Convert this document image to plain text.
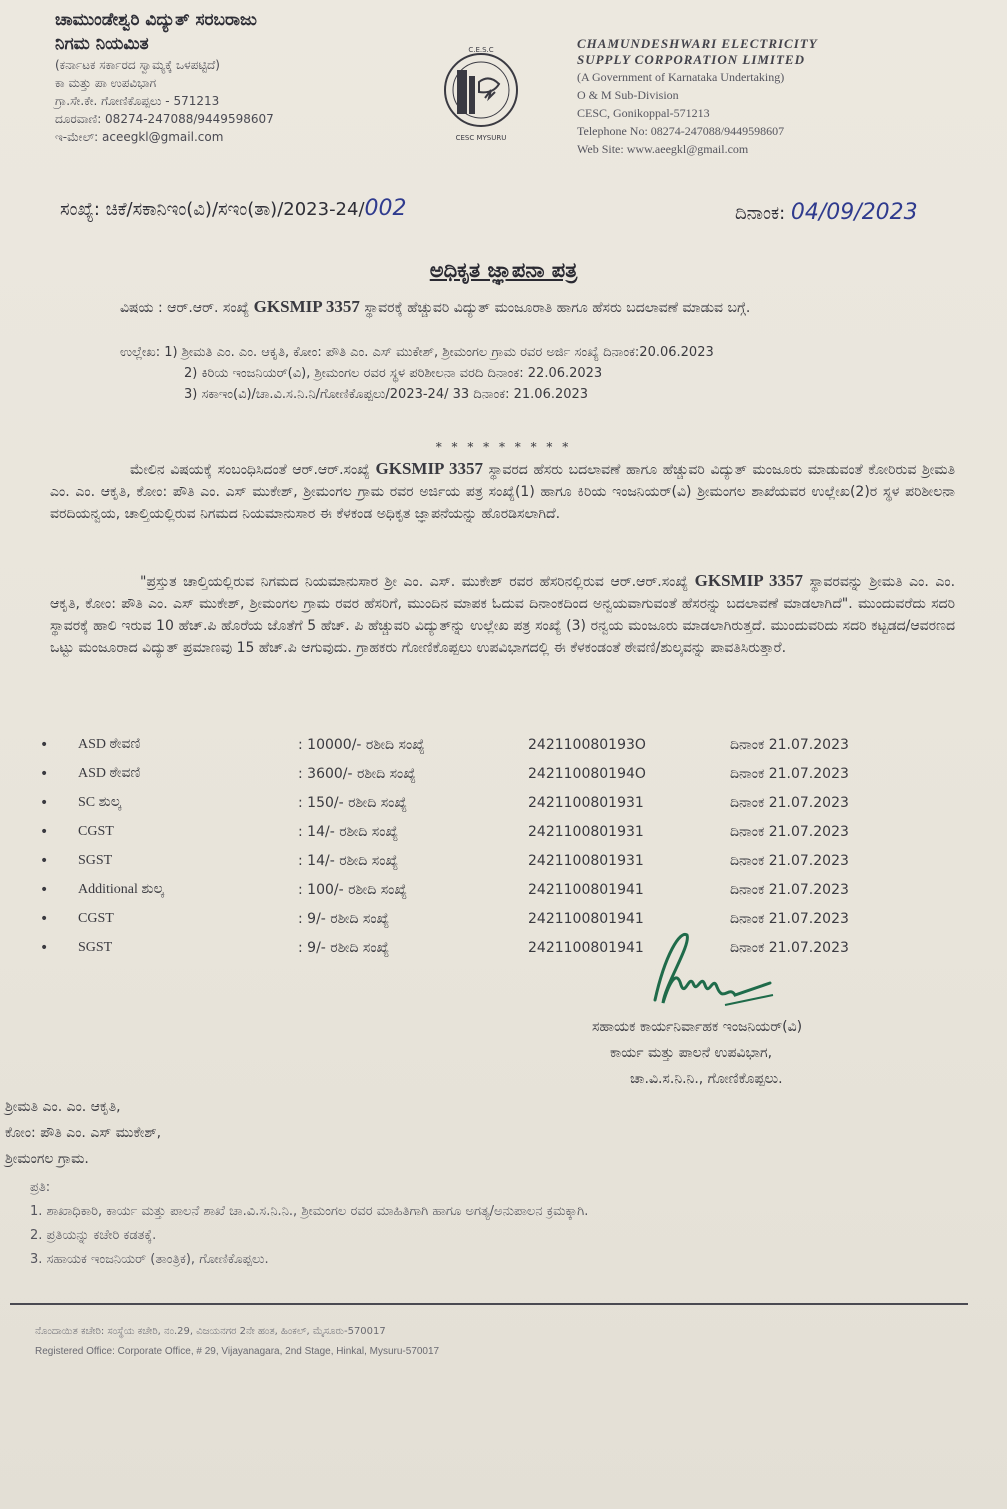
ಚಾಮುಂಡೇಶ್ವರಿ ವಿದ್ಯುತ್ ಸರಬರಾಜು
ನಿಗಮ ನಿಯಮಿತ
(ಕರ್ನಾಟಕ ಸರ್ಕಾರದ ಸ್ವಾಮ್ಯಕ್ಕೆ ಒಳಪಟ್ಟಿದೆ)
ಕಾ ಮತ್ತು ಪಾ ಉಪವಿಭಾಗ
ಗ್ರಾ.ಸೇ.ಕೇ. ಗೋಣಿಕೊಪ್ಪಲು - 571213
ದೂರವಾಣಿ: 08274-247088/9449598607
ಇ-ಮೇಲ್: aceegkl@gmail.com
C.E.S.C
CESC MYSURU
CHAMUNDESHWARI ELECTRICITY
SUPPLY CORPORATION LIMITED
(A Government of Karnataka Undertaking)
O & M Sub-Division
CESC, Gonikoppal-571213
Telephone No: 08274-247088/9449598607
Web Site: www.aeegkl@gmail.com
ಸಂಖ್ಯೆ: ಚಿಕೆ/ಸಕಾನಿಇಂ(ವಿ)/ಸಇಂ(ತಾ)/2023-24/002	ದಿನಾಂಕ: 04/09/2023
ಅಧಿಕೃತ ಜ್ಞಾಪನಾ ಪತ್ರ
ವಿಷಯ : ಆರ್.ಆರ್. ಸಂಖ್ಯೆ GKSMIP 3357 ಸ್ಥಾವರಕ್ಕೆ ಹೆಚ್ಚುವರಿ ವಿದ್ಯುತ್ ಮಂಜೂರಾತಿ ಹಾಗೂ ಹೆಸರು ಬದಲಾವಣೆ ಮಾಡುವ ಬಗ್ಗೆ.
ಉಲ್ಲೇಖ: 1) ಶ್ರೀಮತಿ ಎಂ. ಎಂ. ಆಕೃತಿ, ಕೋಂ: ಪೌತಿ ಎಂ. ಎಸ್ ಮುಕೇಶ್, ಶ್ರೀಮಂಗಲ ಗ್ರಾಮ ರವರ ಅರ್ಜಿ ಸಂಖ್ಯೆ ದಿನಾಂಕ:20.06.2023
2) ಕಿರಿಯ ಇಂಜನಿಯರ್(ವಿ), ಶ್ರೀಮಂಗಲ ರವರ ಸ್ಥಳ ಪರಿಶೀಲನಾ ವರದಿ ದಿನಾಂಕ: 22.06.2023
3) ಸಕಾಇಂ(ವಿ)/ಚಾ.ವಿ.ಸ.ನಿ.ನಿ/ಗೋಣಿಕೊಪ್ಪಲು/2023-24/ 33 ದಿನಾಂಕ: 21.06.2023
* * * * * * * * *
ಮೇಲಿನ ವಿಷಯಕ್ಕೆ ಸಂಬಂಧಿಸಿದಂತೆ ಆರ್.ಆರ್.ಸಂಖ್ಯೆ GKSMIP 3357 ಸ್ಥಾವರದ ಹೆಸರು ಬದಲಾವಣೆ ಹಾಗೂ ಹೆಚ್ಚುವರಿ ವಿದ್ಯುತ್ ಮಂಜೂರು ಮಾಡುವಂತೆ ಕೋರಿರುವ ಶ್ರೀಮತಿ ಎಂ. ಎಂ. ಆಕೃತಿ, ಕೋಂ: ಪೌತಿ ಎಂ. ಎಸ್ ಮುಕೇಶ್, ಶ್ರೀಮಂಗಲ ಗ್ರಾಮ ರವರ ಅರ್ಜಿಯ ಪತ್ರ ಸಂಖ್ಯೆ(1) ಹಾಗೂ ಕಿರಿಯ ಇಂಜನಿಯರ್(ವಿ) ಶ್ರೀಮಂಗಲ ಶಾಖೆಯವರ ಉಲ್ಲೇಖ(2)ರ ಸ್ಥಳ ಪರಿಶೀಲನಾ ವರದಿಯನ್ವಯ, ಚಾಲ್ತಿಯಲ್ಲಿರುವ ನಿಗಮದ ನಿಯಮಾನುಸಾರ ಈ ಕೆಳಕಂಡ ಅಧಿಕೃತ ಜ್ಞಾಪನೆಯನ್ನು ಹೊರಡಿಸಲಾಗಿದೆ.
"ಪ್ರಸ್ತುತ ಚಾಲ್ತಿಯಲ್ಲಿರುವ ನಿಗಮದ ನಿಯಮಾನುಸಾರ ಶ್ರೀ ಎಂ. ಎಸ್. ಮುಕೇಶ್ ರವರ ಹೆಸರಿನಲ್ಲಿರುವ ಆರ್.ಆರ್.ಸಂಖ್ಯೆ GKSMIP 3357 ಸ್ಥಾವರವನ್ನು ಶ್ರೀಮತಿ ಎಂ. ಎಂ. ಆಕೃತಿ, ಕೋಂ: ಪೌತಿ ಎಂ. ಎಸ್ ಮುಕೇಶ್, ಶ್ರೀಮಂಗಲ ಗ್ರಾಮ ರವರ ಹೆಸರಿಗೆ, ಮುಂದಿನ ಮಾಪಕ ಓದುವ ದಿನಾಂಕದಿಂದ ಅನ್ವಯವಾಗುವಂತೆ ಹೆಸರನ್ನು ಬದಲಾವಣೆ ಮಾಡಲಾಗಿದೆ". ಮುಂದುವರೆದು ಸದರಿ ಸ್ಥಾವರಕ್ಕೆ ಹಾಲಿ ಇರುವ 10 ಹೆಚ್.ಪಿ ಹೊರೆಯ ಜೊತೆಗೆ 5 ಹೆಚ್. ಪಿ ಹೆಚ್ಚುವರಿ ವಿದ್ಯುತ್‌ನ್ನು ಉಲ್ಲೇಖ ಪತ್ರ ಸಂಖ್ಯೆ (3) ರನ್ವಯ ಮಂಜೂರು ಮಾಡಲಾಗಿರುತ್ತದೆ. ಮುಂದುವರಿದು ಸದರಿ ಕಟ್ಟಡದ/ಆವರಣದ ಒಟ್ಟು ಮಂಜೂರಾದ ವಿದ್ಯುತ್ ಪ್ರಮಾಣವು 15 ಹೆಚ್.ಪಿ ಆಗುವುದು. ಗ್ರಾಹಕರು ಗೋಣಿಕೊಪ್ಪಲು ಉಪವಿಭಾಗದಲ್ಲಿ ಈ ಕೆಳಕಂಡಂತೆ ಠೇವಣಿ/ಶುಲ್ಕವನ್ನು ಪಾವತಿಸಿರುತ್ತಾರೆ.
• ASD ಠೇವಣಿ	: 10000/- ರಶೀದಿ ಸಂಖ್ಯೆ	242110080193O	ದಿನಾಂಕ 21.07.2023
• ASD ಠೇವಣಿ	: 3600/- ರಶೀದಿ ಸಂಖ್ಯೆ	242110080194O	ದಿನಾಂಕ 21.07.2023
• SC ಶುಲ್ಕ	: 150/- ರಶೀದಿ ಸಂಖ್ಯೆ	2421100801931	ದಿನಾಂಕ 21.07.2023
• CGST	: 14/- ರಶೀದಿ ಸಂಖ್ಯೆ	2421100801931	ದಿನಾಂಕ 21.07.2023
• SGST	: 14/- ರಶೀದಿ ಸಂಖ್ಯೆ	2421100801931	ದಿನಾಂಕ 21.07.2023
• Additional ಶುಲ್ಕ	: 100/- ರಶೀದಿ ಸಂಖ್ಯೆ	2421100801941	ದಿನಾಂಕ 21.07.2023
• CGST	: 9/- ರಶೀದಿ ಸಂಖ್ಯೆ	2421100801941	ದಿನಾಂಕ 21.07.2023
• SGST	: 9/- ರಶೀದಿ ಸಂಖ್ಯೆ	2421100801941	ದಿನಾಂಕ 21.07.2023
ಸಹಾಯಕ ಕಾರ್ಯನಿರ್ವಾಹಕ ಇಂಜನಿಯರ್(ವಿ)
ಕಾರ್ಯ ಮತ್ತು ಪಾಲನೆ ಉಪವಿಭಾಗ,
ಚಾ.ವಿ.ಸ.ನಿ.ನಿ., ಗೋಣಿಕೊಪ್ಪಲು.
ಶ್ರೀಮತಿ ಎಂ. ಎಂ. ಆಕೃತಿ,
ಕೋಂ: ಪೌತಿ ಎಂ. ಎಸ್ ಮುಕೇಶ್,
ಶ್ರೀಮಂಗಲ ಗ್ರಾಮ.
ಪ್ರತಿ:
1. ಶಾಖಾಧಿಕಾರಿ, ಕಾರ್ಯ ಮತ್ತು ಪಾಲನೆ ಶಾಖೆ ಚಾ.ವಿ.ಸ.ನಿ.ನಿ., ಶ್ರೀಮಂಗಲ ರವರ ಮಾಹಿತಿಗಾಗಿ ಹಾಗೂ ಅಗತ್ಯ/ಅನುಪಾಲನ ಕ್ರಮಕ್ಕಾಗಿ.
2. ಪ್ರತಿಯನ್ನು ಕಚೇರಿ ಕಡತಕ್ಕೆ.
3. ಸಹಾಯಕ ಇಂಜನಿಯರ್ (ತಾಂತ್ರಿಕ), ಗೋಣಿಕೊಪ್ಪಲು.
ನೊಂದಾಯಿತ ಕಚೇರಿ: ಸಂಸ್ಥೆಯ ಕಚೇರಿ, ನಂ.29, ವಿಜಯನಗರ 2ನೇ ಹಂತ, ಹಿಂಕಲ್, ಮೈಸೂರು-570017
Registered Office: Corporate Office, # 29, Vijayanagara, 2nd Stage, Hinkal, Mysuru-570017
